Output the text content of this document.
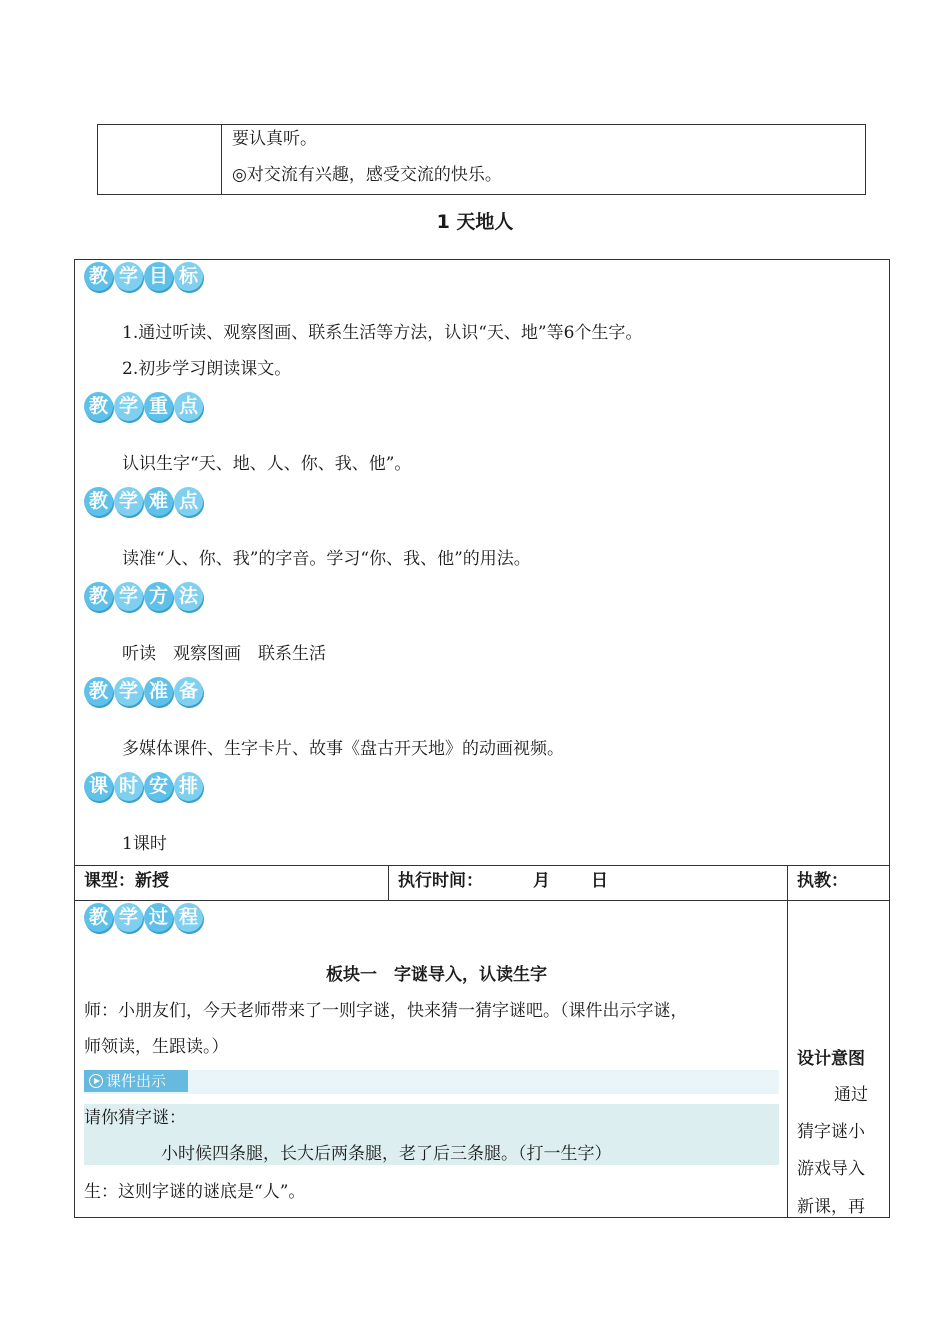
要认真听。
◎对交流有兴趣，感受交流的快乐。
1 天地人
教 学 目 标
1.通过听读、观察图画、联系生活等方法，认识“天、地”等6个生字。
2.初步学习朗读课文。
教 学 重 点
认识生字“天、地、人、你、我、他”。
教 学 难 点
读准“人、你、我”的字音。学习“你、我、他”的用法。
教 学 方 法
听读　观察图画　联系生活
教 学 准 备
多媒体课件、生字卡片、故事《盘古开天地》的动画视频。
课 时 安 排
1课时
课型：新授	执行时间：	月 日	执教：
教 学 过 程
板块一　字谜导入，认读生字
师：小朋友们，今天老师带来了一则字谜，快来猜一猜字谜吧。（课件出示字谜，
师领读，生跟读。）
课件出示
请你猜字谜：
小时候四条腿，长大后两条腿，老了后三条腿。（打一生字）
生：这则字谜的谜底是“人”。
设计意图
通过
猜字谜小
游戏导入
新课，再
